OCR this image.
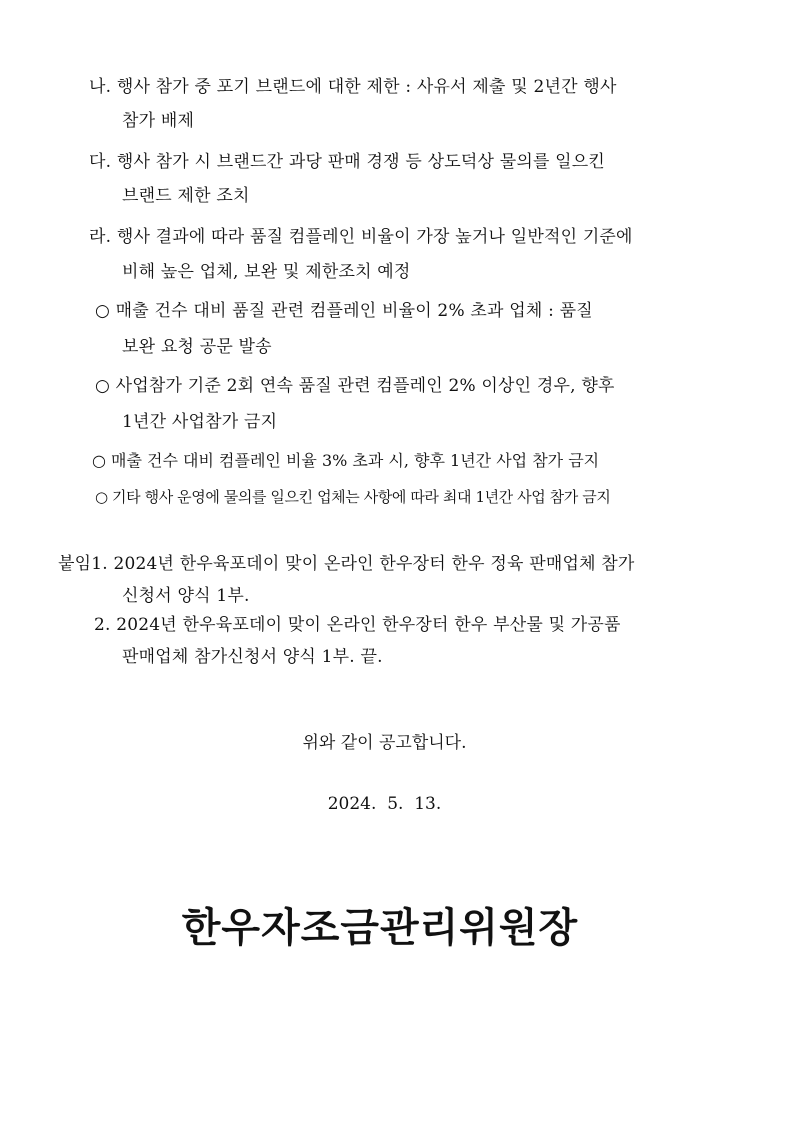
나. 행사 참가 중 포기 브랜드에 대한 제한 : 사유서 제출 및 2년간 행사
참가 배제
다. 행사 참가 시 브랜드간 과당 판매 경쟁 등 상도덕상 물의를 일으킨
브랜드 제한 조치
라. 행사 결과에 따라 품질 컴플레인 비율이 가장 높거나 일반적인 기준에
비해 높은 업체, 보완 및 제한조치 예정
○ 매출 건수 대비 품질 관련 컴플레인 비율이 2% 초과 업체 : 품질
보완 요청 공문 발송
○ 사업참가 기준 2회 연속 품질 관련 컴플레인 2% 이상인 경우, 향후
1년간 사업참가 금지
○ 매출 건수 대비 컴플레인 비율 3% 초과 시, 향후 1년간 사업 참가 금지
○ 기타 행사 운영에 물의를 일으킨 업체는 사항에 따라 최대 1년간 사업 참가 금지
붙임1. 2024년 한우육포데이 맞이 온라인 한우장터 한우 정육 판매업체 참가
신청서 양식 1부.
2. 2024년 한우육포데이 맞이 온라인 한우장터 한우 부산물 및 가공품
판매업체 참가신청서 양식 1부. 끝.
위와 같이 공고합니다.
2024.  5.  13.
한우자조금관리위원장
